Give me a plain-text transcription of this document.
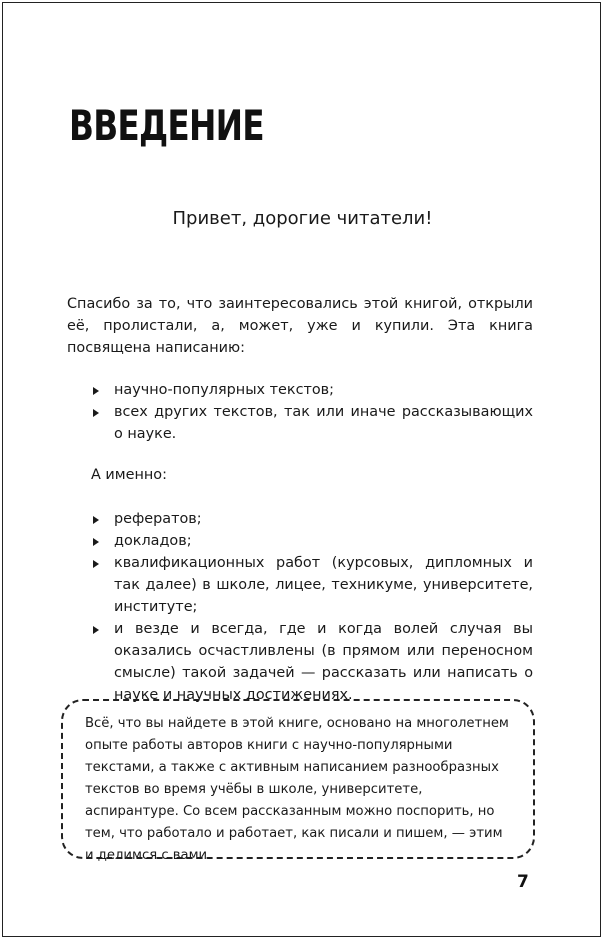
ВВЕДЕНИЕ
Привет, дорогие читатели!
Спасибо за то, что заинтересовались этой книгой, открыли её, пролистали, а, может, уже и купили. Эта книга посвящена написанию:
научно-популярных текстов;
всех других текстов, так или иначе рассказывающих о науке.
А именно:
рефератов;
докладов;
квалификационных работ (курсовых, дипломных и так далее) в школе, лицее, техникуме, университете, институте;
и везде и всегда, где и когда волей случая вы оказались осчастливлены (в прямом или переносном смысле) такой задачей — рассказать или написать о науке и научных достижениях.
Всё, что вы найдете в этой книге, основано на многолетнем опыте работы авторов книги с научно-популярными текстами, а также с активным написанием разнообразных текстов во время учёбы в школе, университете, аспирантуре. Со всем рассказанным можно поспорить, но тем, что работало и работает, как писали и пишем, — этим и делимся с вами.
7
